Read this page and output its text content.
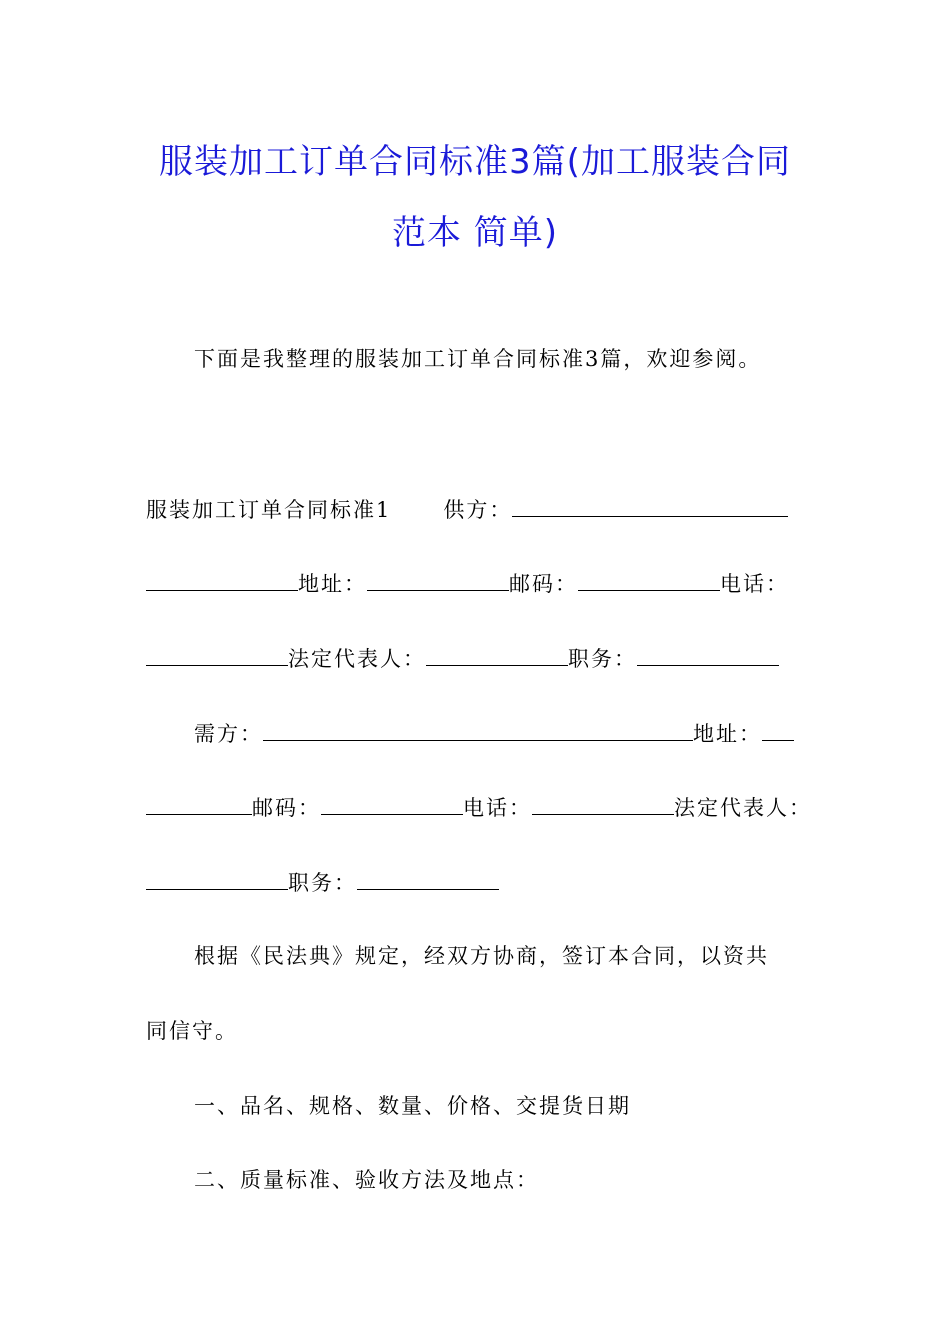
服装加工订单合同标准3篇(加工服装合同
范本 简单)
下面是我整理的服装加工订单合同标准3篇，欢迎参阅。
服装加工订单合同标准1 供方：
地址：	邮码：	电话：
法定代表人：	职务：
需方：	地址：
邮码：	电话：	法定代表人：
职务：
根据《民法典》规定，经双方协商，签订本合同，以资共
同信守。
一、品名、规格、数量、价格、交提货日期
二、质量标准、验收方法及地点：
